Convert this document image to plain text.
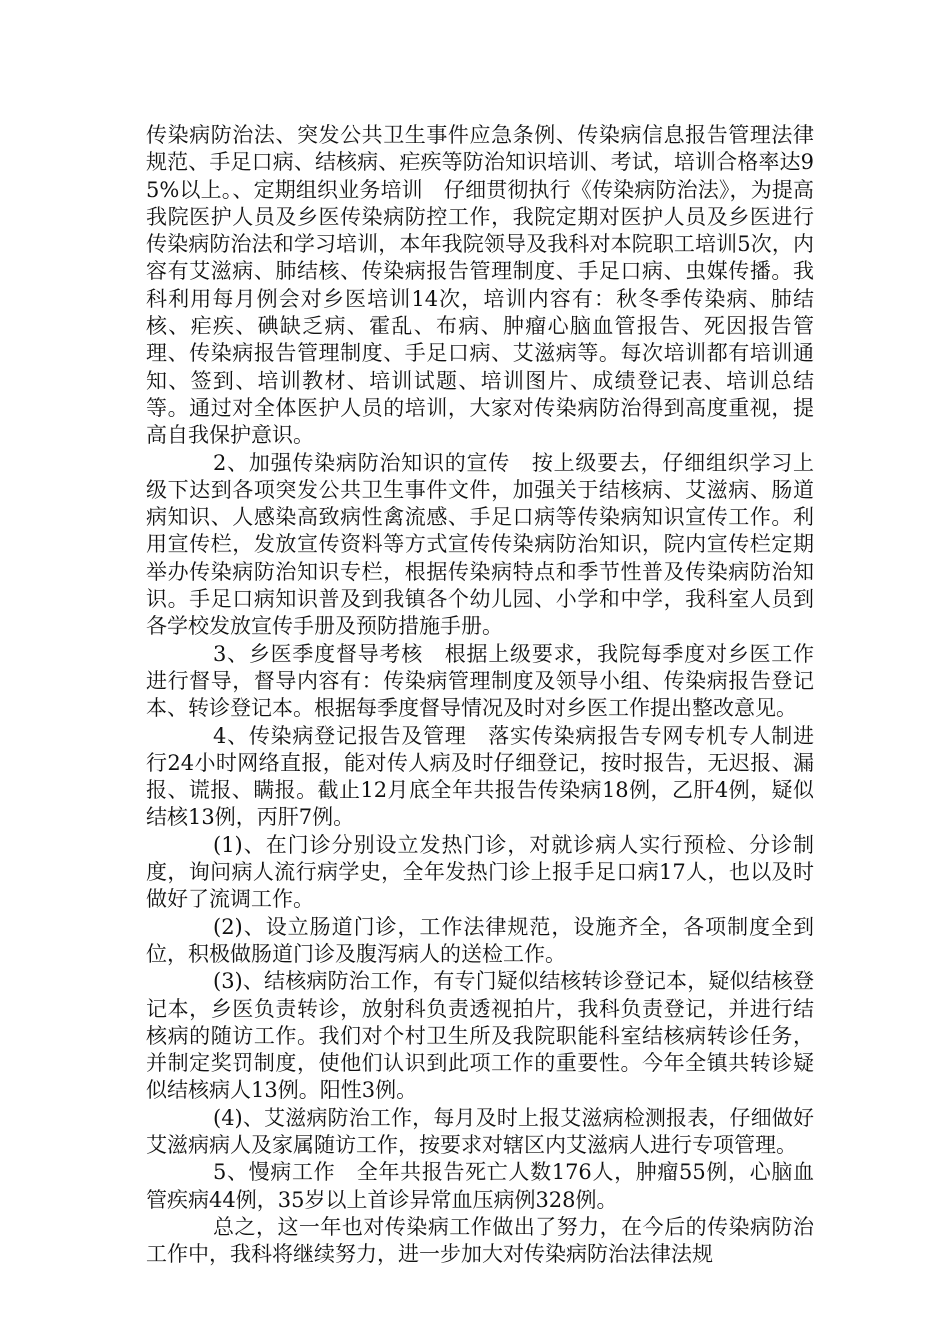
传染病防治法、突发公共卫生事件应急条例、传染病信息报告管理法律规范、手足口病、结核病、疟疾等防治知识培训、考试，培训合格率达95%以上。、定期组织业务培训　仔细贯彻执行《传染病防治法》，为提高我院医护人员及乡医传染病防控工作，我院定期对医护人员及乡医进行传染病防治法和学习培训，本年我院领导及我科对本院职工培训5次，内容有艾滋病、肺结核、传染病报告管理制度、手足口病、虫媒传播。我科利用每月例会对乡医培训14次，培训内容有：秋冬季传染病、肺结核、疟疾、碘缺乏病、霍乱、布病、肿瘤心脑血管报告、死因报告管理、传染病报告管理制度、手足口病、艾滋病等。每次培训都有培训通知、签到、培训教材、培训试题、培训图片、成绩登记表、培训总结等。通过对全体医护人员的培训，大家对传染病防治得到高度重视，提高自我保护意识。

2、加强传染病防治知识的宣传　按上级要去，仔细组织学习上级下达到各项突发公共卫生事件文件，加强关于结核病、艾滋病、肠道病知识、人感染高致病性禽流感、手足口病等传染病知识宣传工作。利用宣传栏，发放宣传资料等方式宣传传染病防治知识，院内宣传栏定期举办传染病防治知识专栏，根据传染病特点和季节性普及传染病防治知识。手足口病知识普及到我镇各个幼儿园、小学和中学，我科室人员到各学校发放宣传手册及预防措施手册。

3、乡医季度督导考核　根据上级要求，我院每季度对乡医工作进行督导，督导内容有：传染病管理制度及领导小组、传染病报告登记本、转诊登记本。根据每季度督导情况及时对乡医工作提出整改意见。

4、传染病登记报告及管理　落实传染病报告专网专机专人制进行24小时网络直报，能对传人病及时仔细登记，按时报告，无迟报、漏报、谎报、瞒报。截止12月底全年共报告传染病18例，乙肝4例，疑似结核13例，丙肝7例。

(1)、在门诊分别设立发热门诊，对就诊病人实行预检、分诊制度，询问病人流行病学史，全年发热门诊上报手足口病17人，也以及时做好了流调工作。

(2)、设立肠道门诊，工作法律规范，设施齐全，各项制度全到位，积极做肠道门诊及腹泻病人的送检工作。

(3)、结核病防治工作，有专门疑似结核转诊登记本，疑似结核登记本，乡医负责转诊，放射科负责透视拍片，我科负责登记，并进行结核病的随访工作。我们对个村卫生所及我院职能科室结核病转诊任务，并制定奖罚制度，使他们认识到此项工作的重要性。今年全镇共转诊疑似结核病人13例。阳性3例。

(4)、艾滋病防治工作，每月及时上报艾滋病检测报表，仔细做好艾滋病病人及家属随访工作，按要求对辖区内艾滋病人进行专项管理。

5、慢病工作　全年共报告死亡人数176人，肿瘤55例，心脑血管疾病44例，35岁以上首诊异常血压病例328例。

总之，这一年也对传染病工作做出了努力，在今后的传染病防治工作中，我科将继续努力，进一步加大对传染病防治法律法规
